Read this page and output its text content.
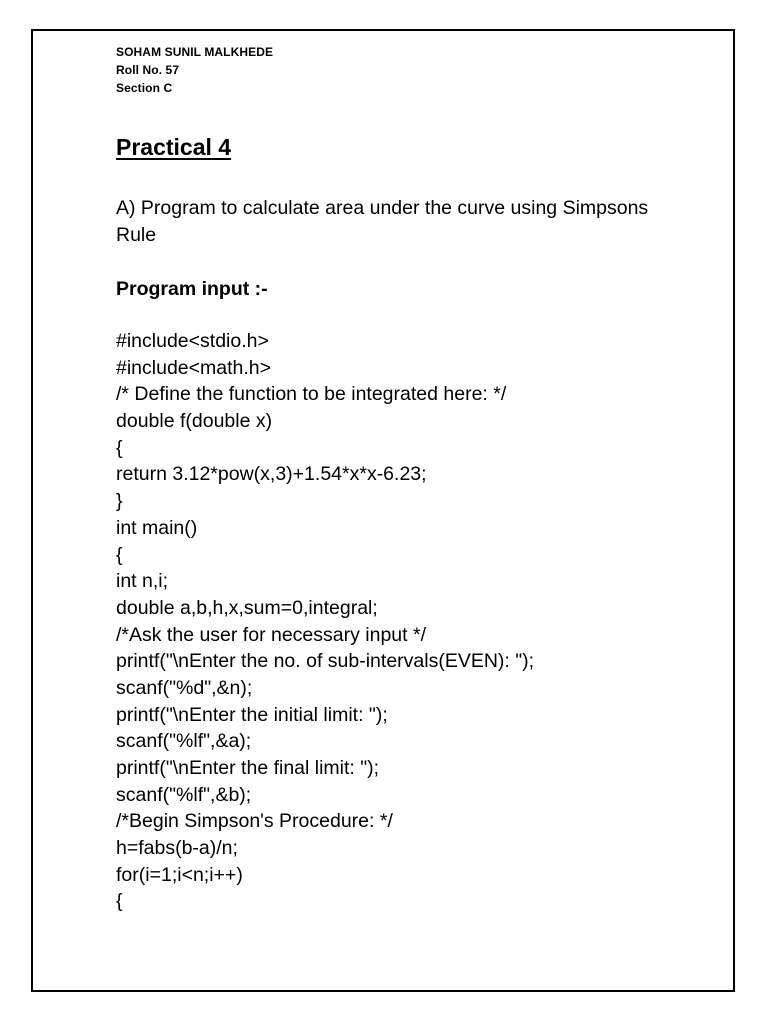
SOHAM SUNIL MALKHEDE
Roll No. 57
Section C
Practical 4

A) Program to calculate area under the curve using Simpsons Rule

Program input :-

#include<stdio.h>
#include<math.h>
/* Define the function to be integrated here: */
double f(double x)
{
return 3.12*pow(x,3)+1.54*x*x-6.23;
}
int main()
{
int n,i;
double a,b,h,x,sum=0,integral;
/*Ask the user for necessary input */
printf("\nEnter the no. of sub-intervals(EVEN): ");
scanf("%d",&n);
printf("\nEnter the initial limit: ");
scanf("%lf",&a);
printf("\nEnter the final limit: ");
scanf("%lf",&b);
/*Begin Simpson's Procedure: */
h=fabs(b-a)/n;
for(i=1;i<n;i++)
{
